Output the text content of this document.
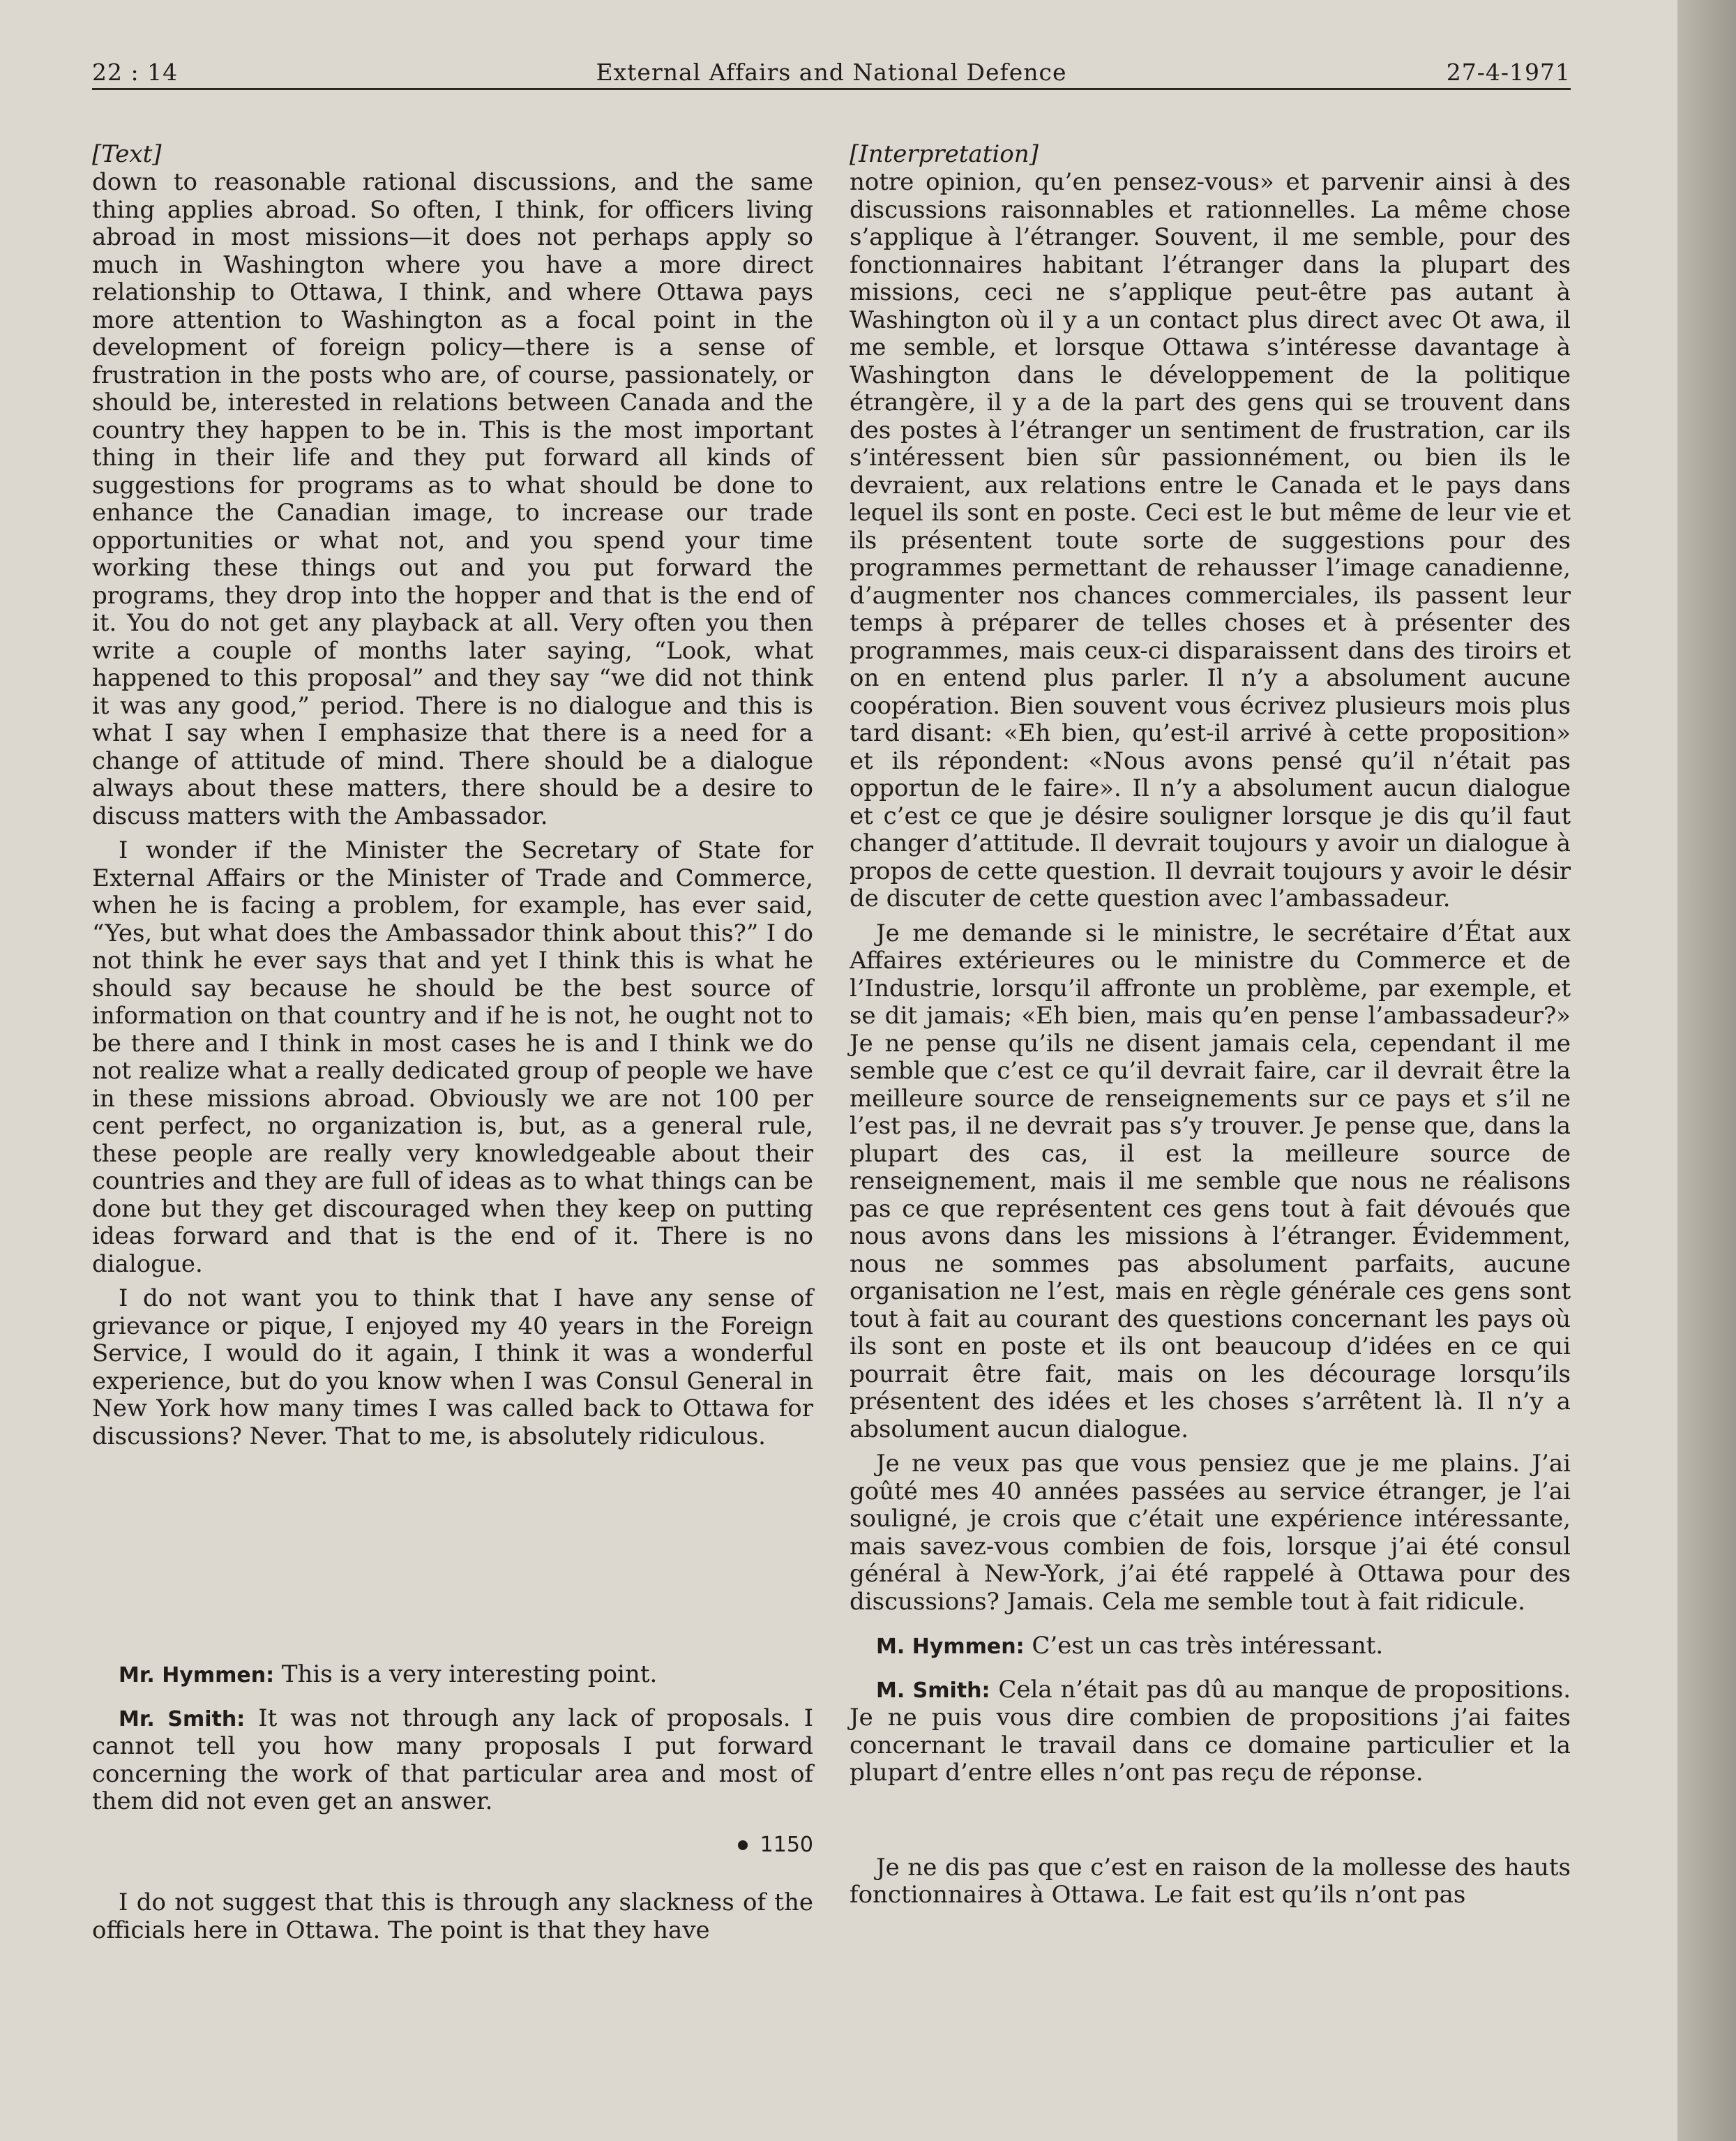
22 : 14	External Affairs and National Defence	27-4-1971
[Text]

down to reasonable rational discussions, and the same thing applies abroad. So often, I think, for officers living abroad in most missions—it does not perhaps apply so much in Washington where you have a more direct relationship to Ottawa, I think, and where Ottawa pays more attention to Washington as a focal point in the development of foreign policy—there is a sense of frustration in the posts who are, of course, passionately, or should be, interested in relations between Canada and the country they happen to be in. This is the most important thing in their life and they put forward all kinds of suggestions for programs as to what should be done to enhance the Canadian image, to increase our trade opportunities or what not, and you spend your time working these things out and you put forward the programs, they drop into the hopper and that is the end of it. You do not get any playback at all. Very often you then write a couple of months later saying, “Look, what happened to this proposal” and they say “we did not think it was any good,” period. There is no dialogue and this is what I say when I emphasize that there is a need for a change of attitude of mind. There should be a dialogue always about these matters, there should be a desire to discuss matters with the Ambassador.

I wonder if the Minister the Secretary of State for External Affairs or the Minister of Trade and Commerce, when he is facing a problem, for example, has ever said, “Yes, but what does the Ambassador think about this?” I do not think he ever says that and yet I think this is what he should say because he should be the best source of information on that country and if he is not, he ought not to be there and I think in most cases he is and I think we do not realize what a really dedicated group of people we have in these missions abroad. Obviously we are not 100 per cent perfect, no organization is, but, as a general rule, these people are really very knowledgeable about their countries and they are full of ideas as to what things can be done but they get discouraged when they keep on putting ideas forward and that is the end of it. There is no dialogue.

I do not want you to think that I have any sense of grievance or pique, I enjoyed my 40 years in the Foreign Service, I would do it again, I think it was a wonderful experience, but do you know when I was Consul General in New York how many times I was called back to Ottawa for discussions? Never. That to me, is absolutely ridiculous.

Mr. Hymmen: This is a very interesting point.

Mr. Smith: It was not through any lack of proposals. I cannot tell you how many proposals I put forward concerning the work of that particular area and most of them did not even get an answer.

1150

I do not suggest that this is through any slackness of the officials here in Ottawa. The point is that they have

[Interpretation]

notre opinion, qu’en pensez-vous» et parvenir ainsi à des discussions raisonnables et rationnelles. La même chose s’applique à l’étranger. Souvent, il me semble, pour des fonctionnaires habitant l’étranger dans la plupart des missions, ceci ne s’applique peut-être pas autant à Washington où il y a un contact plus direct avec Ot awa, il me semble, et lorsque Ottawa s’intéresse davantage à Washington dans le développement de la politique étrangère, il y a de la part des gens qui se trouvent dans des postes à l’étranger un sentiment de frustration, car ils s’intéressent bien sûr passionnément, ou bien ils le devraient, aux relations entre le Canada et le pays dans lequel ils sont en poste. Ceci est le but même de leur vie et ils présentent toute sorte de suggestions pour des programmes permettant de rehausser l’image canadienne, d’augmenter nos chances commerciales, ils passent leur temps à préparer de telles choses et à présenter des programmes, mais ceux-ci disparaissent dans des tiroirs et on en entend plus parler. Il n’y a absolument aucune coopération. Bien souvent vous écrivez plusieurs mois plus tard disant: «Eh bien, qu’est-il arrivé à cette proposition» et ils répondent: «Nous avons pensé qu’il n’était pas opportun de le faire». Il n’y a absolument aucun dialogue et c’est ce que je désire souligner lorsque je dis qu’il faut changer d’attitude. Il devrait toujours y avoir un dialogue à propos de cette question. Il devrait toujours y avoir le désir de discuter de cette question avec l’ambassadeur.

Je me demande si le ministre, le secrétaire d’État aux Affaires extérieures ou le ministre du Commerce et de l’Industrie, lorsqu’il affronte un problème, par exemple, et se dit jamais; «Eh bien, mais qu’en pense l’ambassadeur?» Je ne pense qu’ils ne disent jamais cela, cependant il me semble que c’est ce qu’il devrait faire, car il devrait être la meilleure source de renseignements sur ce pays et s’il ne l’est pas, il ne devrait pas s’y trouver. Je pense que, dans la plupart des cas, il est la meilleure source de renseignement, mais il me semble que nous ne réalisons pas ce que représentent ces gens tout à fait dévoués que nous avons dans les missions à l’étranger. Évidemment, nous ne sommes pas absolument parfaits, aucune organisation ne l’est, mais en règle générale ces gens sont tout à fait au courant des questions concernant les pays où ils sont en poste et ils ont beaucoup d’idées en ce qui pourrait être fait, mais on les décourage lorsqu’ils présentent des idées et les choses s’arrêtent là. Il n’y a absolument aucun dialogue.

Je ne veux pas que vous pensiez que je me plains. J’ai goûté mes 40 années passées au service étranger, je l’ai souligné, je crois que c’était une expérience intéressante, mais savez-vous combien de fois, lorsque j’ai été consul général à New-York, j’ai été rappelé à Ottawa pour des discussions? Jamais. Cela me semble tout à fait ridicule.

M. Hymmen: C’est un cas très intéressant.

M. Smith: Cela n’était pas dû au manque de propositions. Je ne puis vous dire combien de propositions j’ai faites concernant le travail dans ce domaine particulier et la plupart d’entre elles n’ont pas reçu de réponse.

Je ne dis pas que c’est en raison de la mollesse des hauts fonctionnaires à Ottawa. Le fait est qu’ils n’ont pas
